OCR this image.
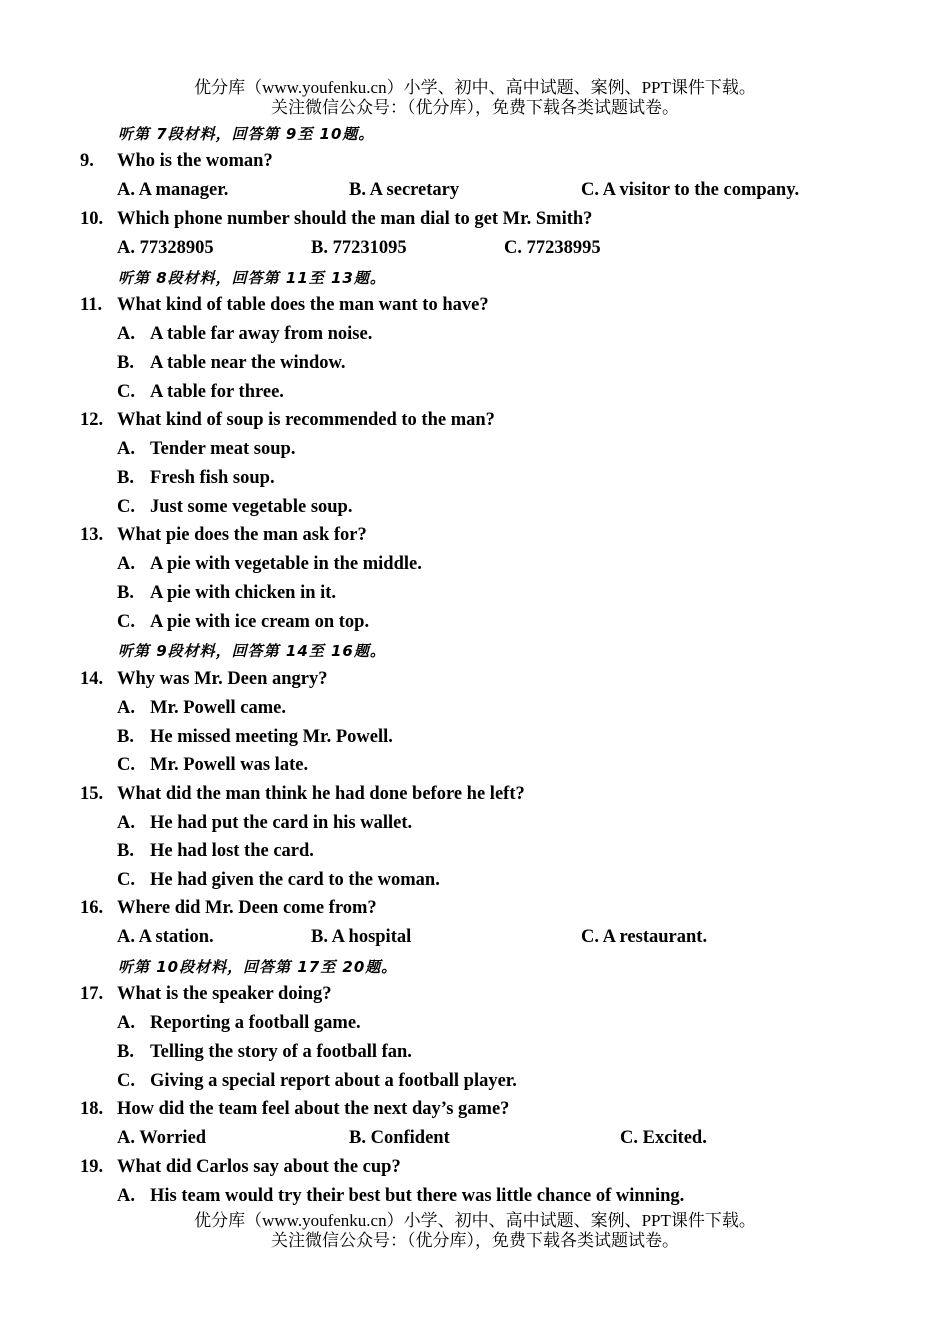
优分库（www.youfenku.cn）小学、初中、高中试题、案例、PPT课件下载。
关注微信公众号：（优分库），免费下载各类试题试卷。
听第 7段材料，回答第 9至 10题。
9. Who is the woman?
A. A manager.	B. A secretary	C. A visitor to the company.
10. Which phone number should the man dial to get Mr. Smith?
A. 77328905	B. 77231095	C. 77238995
听第 8段材料，回答第 11至 13题。
11. What kind of table does the man want to have?
A. A table far away from noise.
B. A table near the window.
C. A table for three.
12. What kind of soup is recommended to the man?
A. Tender meat soup.
B. Fresh fish soup.
C. Just some vegetable soup.
13. What pie does the man ask for?
A. A pie with vegetable in the middle.
B. A pie with chicken in it.
C. A pie with ice cream on top.
听第 9段材料，回答第 14至 16题。
14. Why was Mr. Deen angry?
A. Mr. Powell came.
B. He missed meeting Mr. Powell.
C. Mr. Powell was late.
15. What did the man think he had done before he left?
A. He had put the card in his wallet.
B. He had lost the card.
C. He had given the card to the woman.
16. Where did Mr. Deen come from?
A. A station.	B. A hospital	C. A restaurant.
听第 10段材料，回答第 17至 20题。
17. What is the speaker doing?
A. Reporting a football game.
B. Telling the story of a football fan.
C. Giving a special report about a football player.
18. How did the team feel about the next day’s game?
A. Worried	B. Confident	C. Excited.
19. What did Carlos say about the cup?
A. His team would try their best but there was little chance of winning.
优分库（www.youfenku.cn）小学、初中、高中试题、案例、PPT课件下载。
关注微信公众号：（优分库），免费下载各类试题试卷。
